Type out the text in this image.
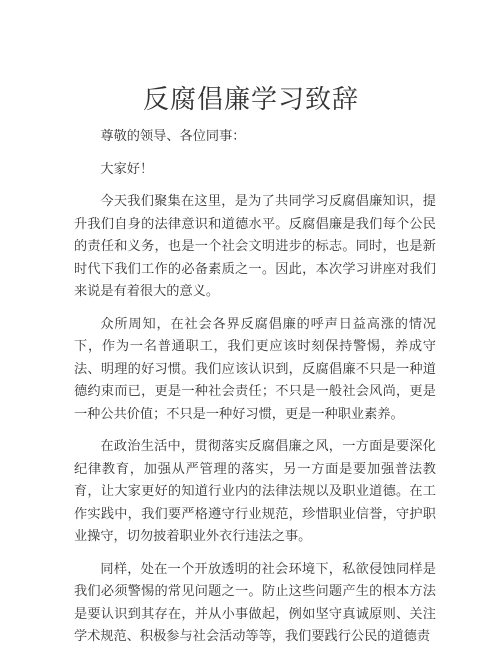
反腐倡廉学习致辞

尊敬的领导、各位同事：

大家好！

今天我们聚集在这里，是为了共同学习反腐倡廉知识，提升我们自身的法律意识和道德水平。反腐倡廉是我们每个公民的责任和义务，也是一个社会文明进步的标志。同时，也是新时代下我们工作的必备素质之一。因此，本次学习讲座对我们来说是有着很大的意义。

众所周知，在社会各界反腐倡廉的呼声日益高涨的情况下，作为一名普通职工，我们更应该时刻保持警惕，养成守法、明理的好习惯。我们应该认识到，反腐倡廉不只是一种道德约束而已，更是一种社会责任；不只是一般社会风尚，更是一种公共价值；不只是一种好习惯，更是一种职业素养。

在政治生活中，贯彻落实反腐倡廉之风，一方面是要深化纪律教育，加强从严管理的落实，另一方面是要加强普法教育，让大家更好的知道行业内的法律法规以及职业道德。在工作实践中，我们要严格遵守行业规范，珍惜职业信誉，守护职业操守，切勿披着职业外衣行违法之事。

同样，处在一个开放透明的社会环境下，私欲侵蚀同样是我们必须警惕的常见问题之一。防止这些问题产生的根本方法是要认识到其存在，并从小事做起，例如坚守真诚原则、关注学术规范、积极参与社会活动等等，我们要践行公民的道德责
